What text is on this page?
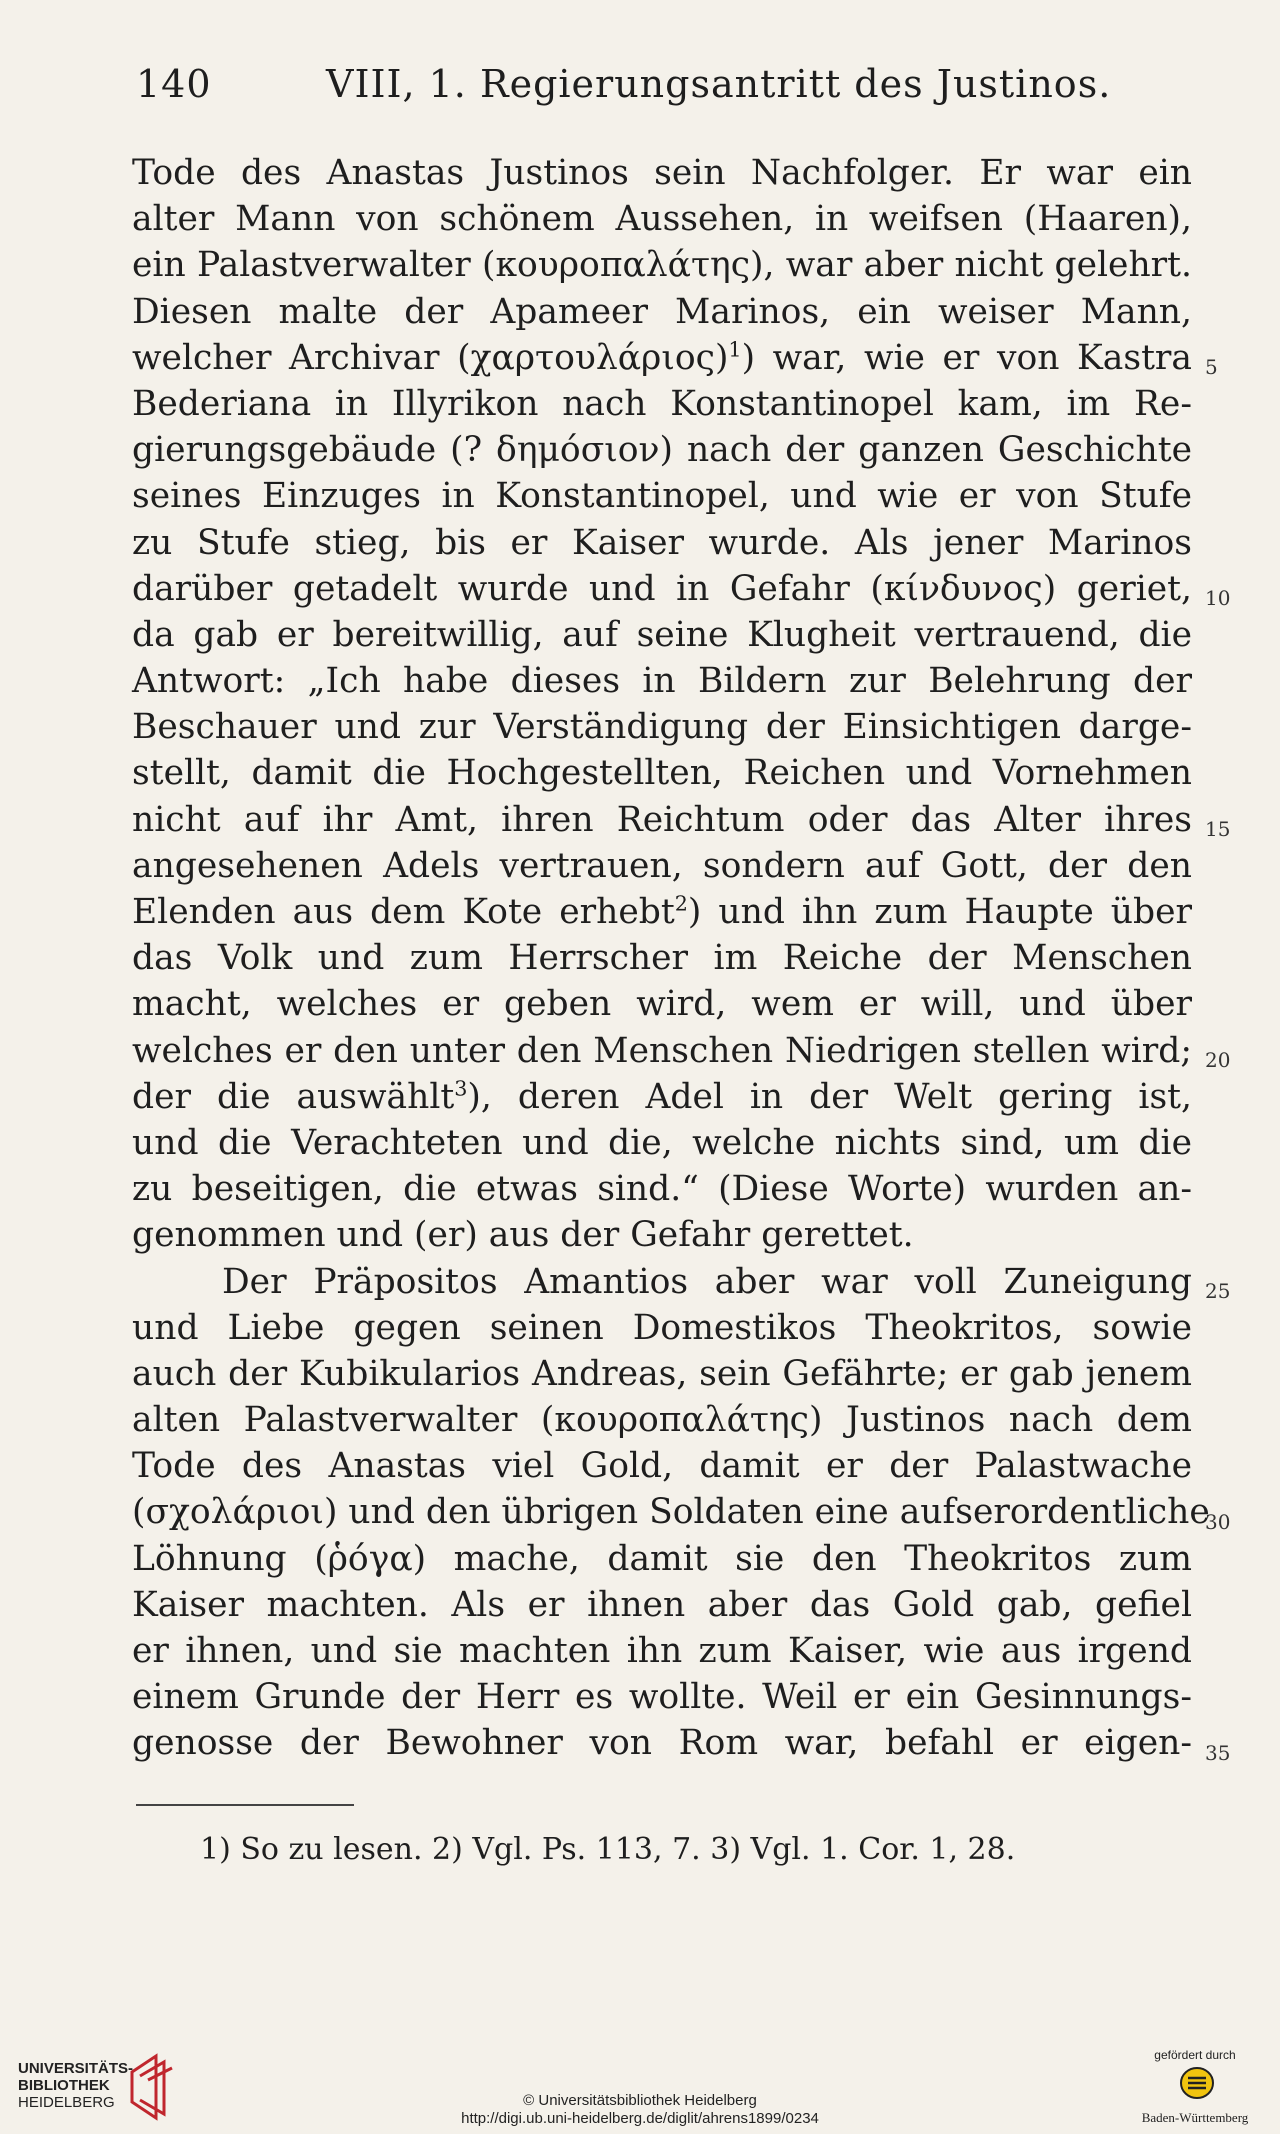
140	VIII, 1. Regierungsantritt des Justinos.
Tode des Anastas Justinos sein Nachfolger. Er war ein
alter Mann von schönem Aussehen, in weifsen (Haaren),
ein Palastverwalter (κουροπαλάτης), war aber nicht gelehrt.
Diesen malte der Apameer Marinos, ein weiser Mann,
welcher Archivar $(\chi\alpha\rho\tau o\upsilon\lambda ά\rho\iota o\varsigma)^1$) war, wie er von Kastra
Bederiana in Illyrikon nach Konstantinopel kam, im Re-
gierungsgebäude (? δημόσιον) nach der ganzen Geschichte
seines Einzuges in Konstantinopel, und wie er von Stufe
zu Stufe stieg, bis er Kaiser wurde. Als jener Marinos
darüber getadelt wurde und in Gefahr (κίνδυνος) geriet,
da gab er bereitwillig, auf seine Klugheit vertrauend, die
Antwort: „Ich habe dieses in Bildern zur Belehrung der
Beschauer und zur Verständigung der Einsichtigen darge-
stellt, damit die Hochgestellten, Reichen und Vornehmen
nicht auf ihr Amt, ihren Reichtum oder das Alter ihres
angesehenen Adels vertrauen, sondern auf Gott, der den
Elenden aus dem Kote erhebt$^2$) und ihn zum Haupte über
das Volk und zum Herrscher im Reiche der Menschen
macht, welches er geben wird, wem er will, und über
welches er den unter den Menschen Niedrigen stellen wird;
der die auswählt$^3$), deren Adel in der Welt gering ist,
und die Verachteten und die, welche nichts sind, um die
zu beseitigen, die etwas sind.“ (Diese Worte) wurden an-
genommen und (er) aus der Gefahr gerettet.
Der Präpositos Amantios aber war voll Zuneigung
und Liebe gegen seinen Domestikos Theokritos, sowie
auch der Kubikularios Andreas, sein Gefährte; er gab jenem
alten Palastverwalter (κουροπαλάτης) Justinos nach dem
Tode des Anastas viel Gold, damit er der Palastwache
(σχολάριοι) und den übrigen Soldaten eine aufserordentliche
Löhnung (ῥόγα) mache, damit sie den Theokritos zum
Kaiser machten. Als er ihnen aber das Gold gab, gefiel
er ihnen, und sie machten ihn zum Kaiser, wie aus irgend
einem Grunde der Herr es wollte. Weil er ein Gesinnungs-
genosse der Bewohner von Rom war, befahl er eigen-
5
10
15
20
25
30
35
1) So zu lesen. 2) Vgl. Ps. 113, 7. 3) Vgl. 1. Cor. 1, 28.
UNIVERSITÄTS-
BIBLIOTHEK
HEIDELBERG	© Universitätsbibliothek Heidelberg
http://digi.ub.uni-heidelberg.de/diglit/ahrens1899/0234
gefördert durch
Baden-Württemberg
